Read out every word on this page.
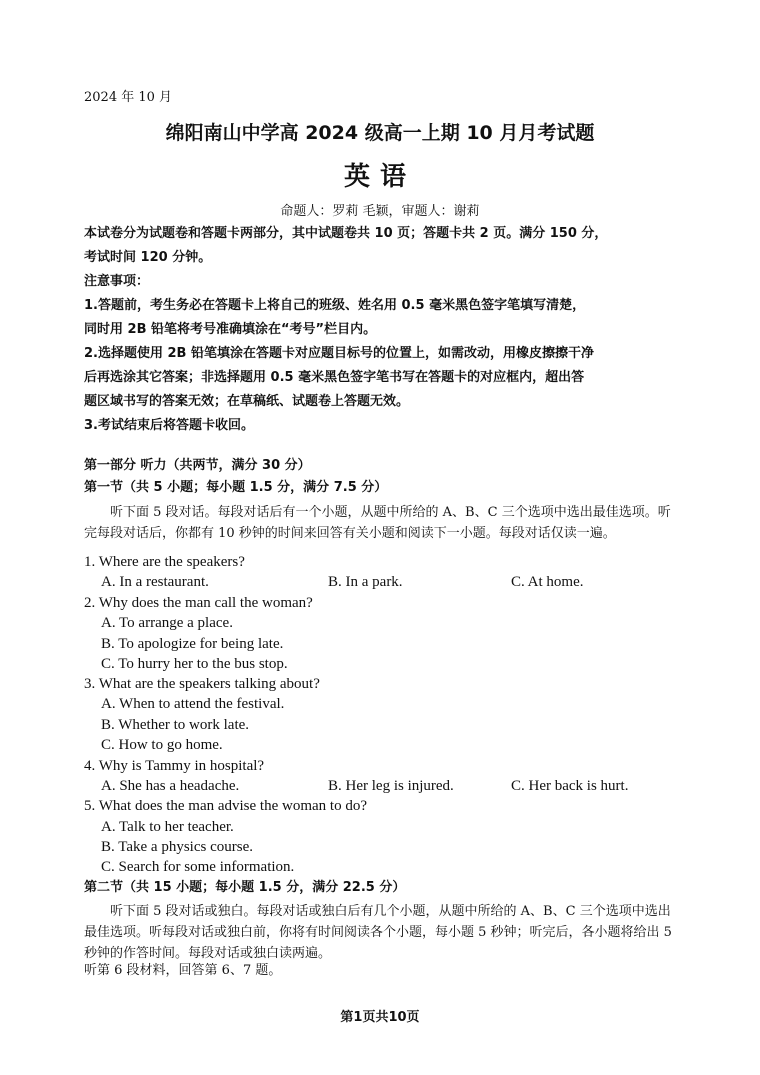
2024 年 10 月
绵阳南山中学高 2024 级高一上期 10 月月考试题
英语
命题人：罗莉 毛颖，审题人：谢莉
本试卷分为试题卷和答题卡两部分，其中试题卷共 10 页；答题卡共 2 页。满分 150 分，
考试时间 120 分钟。
注意事项：
1.答题前，考生务必在答题卡上将自己的班级、姓名用 0.5 毫米黑色签字笔填写清楚，
同时用 2B 铅笔将考号准确填涂在“考号”栏目内。
2.选择题使用 2B 铅笔填涂在答题卡对应题目标号的位置上，如需改动，用橡皮擦擦干净
后再选涂其它答案；非选择题用 0.5 毫米黑色签字笔书写在答题卡的对应框内，超出答
题区域书写的答案无效；在草稿纸、试题卷上答题无效。
3.考试结束后将答题卡收回。
第一部分 听力（共两节，满分 30 分）
第一节（共 5 小题；每小题 1.5 分，满分 7.5 分）
听下面 5 段对话。每段对话后有一个小题，从题中所给的 A、B、C 三个选项中选出最佳选项。听完每段对话后，你都有 10 秒钟的时间来回答有关小题和阅读下一小题。每段对话仅读一遍。
1. Where are the speakers?
A. In a restaurant.	B. In a park.	C. At home.
2. Why does the man call the woman?
A. To arrange a place.
B. To apologize for being late.
C. To hurry her to the bus stop.
3. What are the speakers talking about?
A. When to attend the festival.
B. Whether to work late.
C. How to go home.
4. Why is Tammy in hospital?
A. She has a headache.	B. Her leg is injured.	C. Her back is hurt.
5. What does the man advise the woman to do?
A. Talk to her teacher.
B. Take a physics course.
C. Search for some information.
第二节（共 15 小题；每小题 1.5 分，满分 22.5 分）
听下面 5 段对话或独白。每段对话或独白后有几个小题，从题中所给的 A、B、C 三个选项中选出最佳选项。听每段对话或独白前，你将有时间阅读各个小题，每小题 5 秒钟；听完后，各小题将给出 5 秒钟的作答时间。每段对话或独白读两遍。
听第 6 段材料，回答第 6、7 题。
第1页共10页
